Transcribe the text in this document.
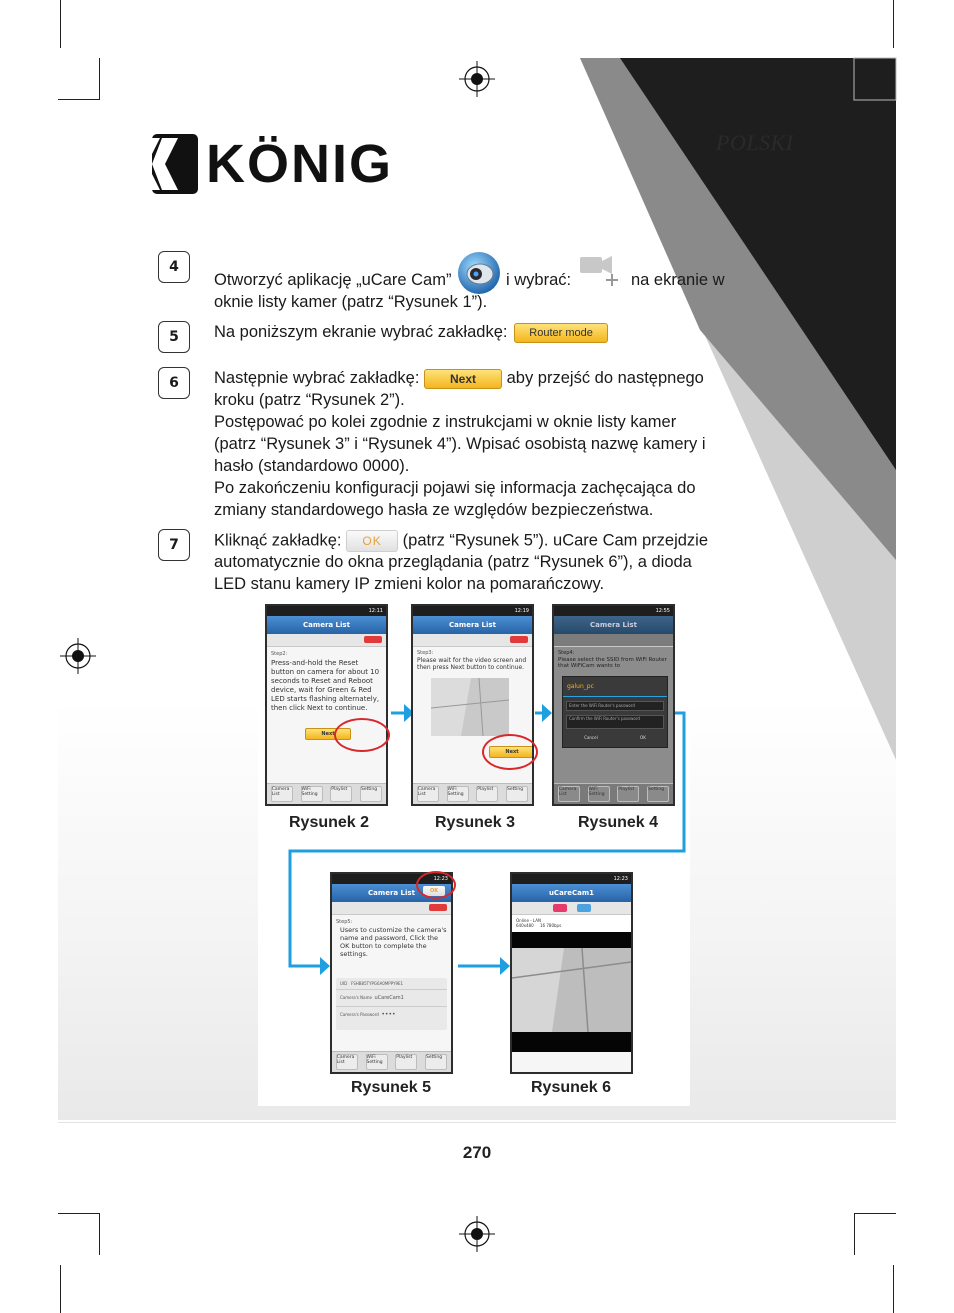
POLSKI
KÖNIG
4
Otworzyć aplikację „uCare Cam”	i wybrać:	na ekranie w
oknie listy kamer (patrz “Rysunek 1”).
5	Na poniższym ekranie wybrać zakładkę: Router mode
6	Następnie wybrać zakładkę:	Next aby przejść do następnego
kroku (patrz “Rysunek 2”).
Postępować po kolei zgodnie z instrukcjami w oknie listy kamer
(patrz “Rysunek 3” i “Rysunek 4”). Wpisać osobistą nazwę kamery i
hasło (standardowo 0000).
Po zakończeniu konfiguracji pojawi się informacja zachęcająca do
zmiany standardowego hasła ze względów bezpieczeństwa.
7	Kliknąć zakładkę: OK (patrz “Rysunek 5”). uCare Cam przejdzie
automatycznie do okna przeglądania (patrz “Rysunek 6”), a dioda
LED stanu kamery IP zmieni kolor na pomarańczowy.
12:11
Camera List
Step2:
Press-and-hold the Reset button on camera for about 10 seconds to Reset and Reboot device, wait for Green & Red LED starts flashing alternately, then click Next to continue.
Next
Camera List
WiFi Setting
Playlist	Setting
12:19
Camera List
Step3:
Please wait for the video screen and then press Next button to continue.
Next
Camera List
WiFi Setting
Playlist	Setting
12:55
Camera List
Step4:
Please select the SSID from WiFi Router that WiFiCam wants to
galun_pc
Enter the WiFi Router's password
Confirm the WiFi Router's password
Cancel	OK
Camera List
WiFi Setting
Playlist	Setting
Rysunek 2	Rysunek 3	Rysunek 4
12:23
Camera List	OK
Step5:
Users to customize the camera's name and password, Click the OK button to complete the settings.
UID FSHB85TYPG6A0MPPY9E1
Camera's Name uCareCam1
Camera's Password ••••
Camera List
WiFi Setting
Playlist	Setting
12:23
uCareCam1
Online - LAN
640x480 16 780bps
Rysunek 5	Rysunek 6
270
